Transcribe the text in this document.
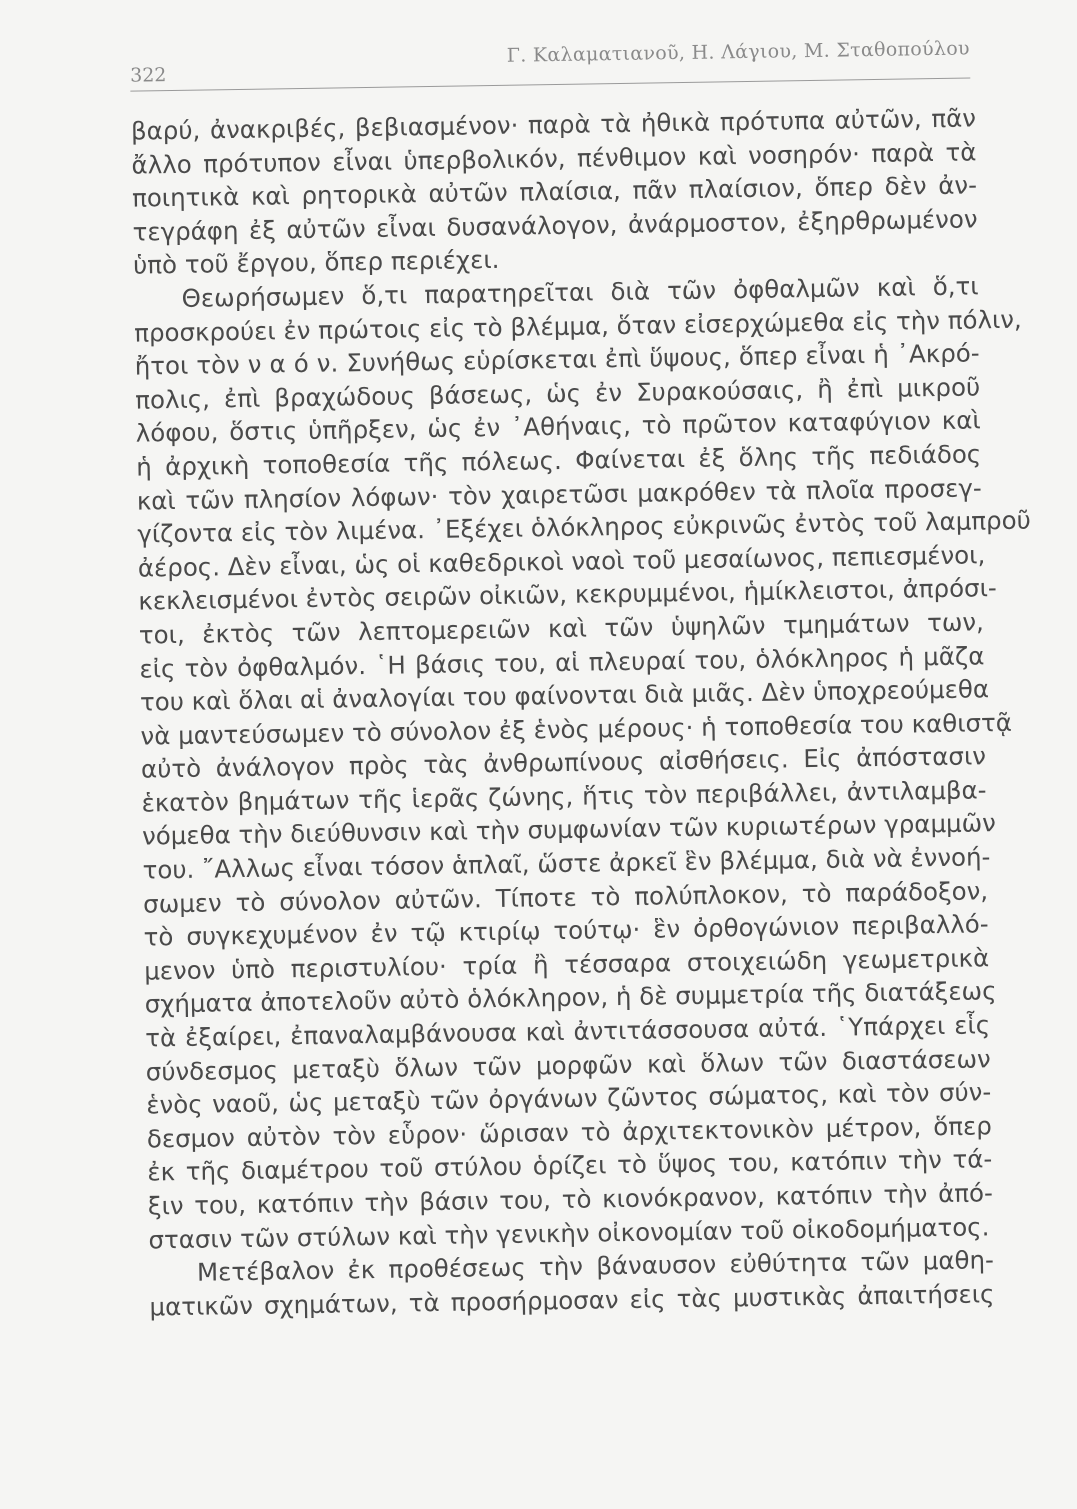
322
Γ. Καλαματιανοῦ, Η. Λάγιου, Μ. Σταθοπούλου
βαρύ, ἀνακριβές, βεβιασμένον· παρὰ τὰ ἠθικὰ πρότυπα αὐτῶν, πᾶν
ἄλλο πρότυπον εἶναι ὑπερβολικόν, πένθιμον καὶ νοσηρόν· παρὰ τὰ
ποιητικὰ καὶ ρητορικὰ αὐτῶν πλαίσια, πᾶν πλαίσιον, ὅπερ δὲν ἀν-
τεγράφη ἐξ αὐτῶν εἶναι δυσανάλογον, ἀνάρμοστον, ἐξηρθρωμένον
ὑπὸ τοῦ ἔργου, ὅπερ περιέχει.
Θεωρήσωμεν ὅ,τι παρατηρεῖται διὰ τῶν ὀφθαλμῶν καὶ ὅ,τι
προσκρούει ἐν πρώτοις εἰς τὸ βλέμμα, ὅταν εἰσερχώμεθα εἰς τὴν πόλιν,
ἤτοι τὸν ν α ό ν. Συνήθως εὑρίσκεται ἐπὶ ὕψους, ὅπερ εἶναι ἡ ᾿Ακρό-
πολις, ἐπὶ βραχώδους βάσεως, ὡς ἐν Συρακούσαις, ἢ ἐπὶ μικροῦ
λόφου, ὅστις ὑπῆρξεν, ὡς ἐν ᾿Αθήναις, τὸ πρῶτον καταφύγιον καὶ
ἡ ἀρχικὴ τοποθεσία τῆς πόλεως. Φαίνεται ἐξ ὅλης τῆς πεδιάδος
καὶ τῶν πλησίον λόφων· τὸν χαιρετῶσι μακρόθεν τὰ πλοῖα προσεγ-
γίζοντα εἰς τὸν λιμένα. ᾿Εξέχει ὁλόκληρος εὐκρινῶς ἐντὸς τοῦ λαμπροῦ
ἀέρος. Δὲν εἶναι, ὡς οἱ καθεδρικοὶ ναοὶ τοῦ μεσαίωνος, πεπιεσμένοι,
κεκλεισμένοι ἐντὸς σειρῶν οἰκιῶν, κεκρυμμένοι, ἡμίκλειστοι, ἀπρόσι-
τοι, ἐκτὸς τῶν λεπτομερειῶν καὶ τῶν ὑψηλῶν τμημάτων των,
εἰς τὸν ὀφθαλμόν. ῾Η βάσις του, αἱ πλευραί του, ὁλόκληρος ἡ μᾶζα
του καὶ ὅλαι αἱ ἀναλογίαι του φαίνονται διὰ μιᾶς. Δὲν ὑποχρεούμεθα
νὰ μαντεύσωμεν τὸ σύνολον ἐξ ἑνὸς μέρους· ἡ τοποθεσία του καθιστᾷ
αὐτὸ ἀνάλογον πρὸς τὰς ἀνθρωπίνους αἰσθήσεις. Εἰς ἀπόστασιν
ἑκατὸν βημάτων τῆς ἱερᾶς ζώνης, ἥτις τὸν περιβάλλει, ἀντιλαμβα-
νόμεθα τὴν διεύθυνσιν καὶ τὴν συμφωνίαν τῶν κυριωτέρων γραμμῶν
του. ῎Αλλως εἶναι τόσον ἁπλαῖ, ὥστε ἀρκεῖ ἓν βλέμμα, διὰ νὰ ἐννοή-
σωμεν τὸ σύνολον αὐτῶν. Τίποτε τὸ πολύπλοκον, τὸ παράδοξον,
τὸ συγκεχυμένον ἐν τῷ κτιρίῳ τούτῳ· ἓν ὀρθογώνιον περιβαλλό-
μενον ὑπὸ περιστυλίου· τρία ἢ τέσσαρα στοιχειώδη γεωμετρικὰ
σχήματα ἀποτελοῦν αὐτὸ ὁλόκληρον, ἡ δὲ συμμετρία τῆς διατάξεως
τὰ ἐξαίρει, ἐπαναλαμβάνουσα καὶ ἀντιτάσσουσα αὐτά. ῾Υπάρχει εἷς
σύνδεσμος μεταξὺ ὅλων τῶν μορφῶν καὶ ὅλων τῶν διαστάσεων
ἑνὸς ναοῦ, ὡς μεταξὺ τῶν ὀργάνων ζῶντος σώματος, καὶ τὸν σύν-
δεσμον αὐτὸν τὸν εὗρον· ὥρισαν τὸ ἀρχιτεκτονικὸν μέτρον, ὅπερ
ἐκ τῆς διαμέτρου τοῦ στύλου ὁρίζει τὸ ὕψος του, κατόπιν τὴν τά-
ξιν του, κατόπιν τὴν βάσιν του, τὸ κιονόκρανον, κατόπιν τὴν ἀπό-
στασιν τῶν στύλων καὶ τὴν γενικὴν οἰκονομίαν τοῦ οἰκοδομήματος.
Μετέβαλον ἐκ προθέσεως τὴν βάναυσον εὐθύτητα τῶν μαθη-
ματικῶν σχημάτων, τὰ προσήρμοσαν εἰς τὰς μυστικὰς ἀπαιτήσεις
